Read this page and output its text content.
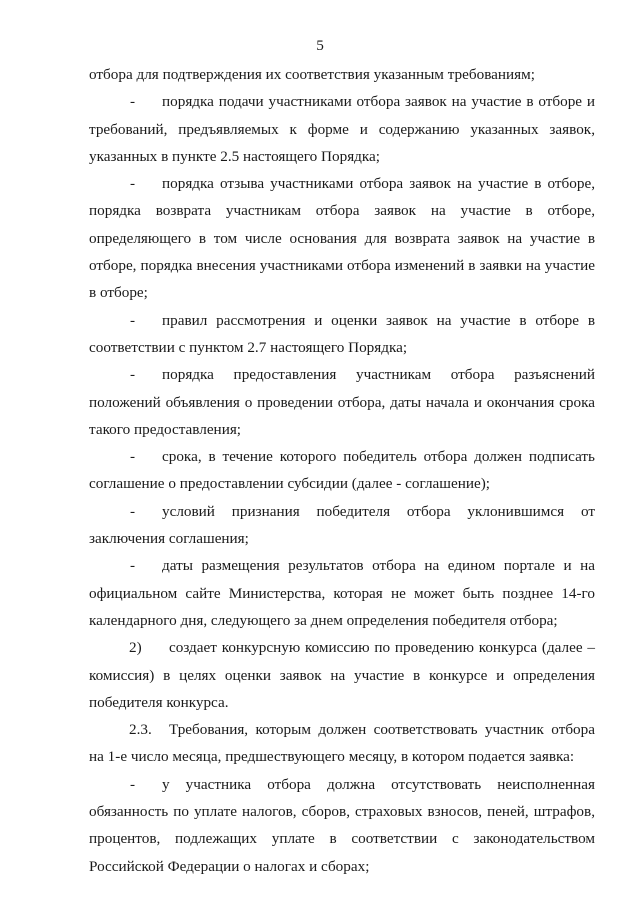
5

отбора для подтверждения их соответствия указанным требованиям;

- порядка подачи участниками отбора заявок на участие в отборе и требований, предъявляемых к форме и содержанию указанных заявок, указанных в пункте 2.5 настоящего Порядка;

- порядка отзыва участниками отбора заявок на участие в отборе, порядка возврата участникам отбора заявок на участие в отборе, определяющего в том числе основания для возврата заявок на участие в отборе, порядка внесения участниками отбора изменений в заявки на участие в отборе;

- правил рассмотрения и оценки заявок на участие в отборе в соответствии с пунктом 2.7 настоящего Порядка;

- порядка предоставления участникам отбора разъяснений положений объявления о проведении отбора, даты начала и окончания срока такого предоставления;

- срока, в течение которого победитель отбора должен подписать соглашение о предоставлении субсидии (далее - соглашение);

- условий признания победителя отбора уклонившимся от заключения соглашения;

- даты размещения результатов отбора на едином портале и на официальном сайте Министерства, которая не может быть позднее 14-го календарного дня, следующего за днем определения победителя отбора;

2) создает конкурсную комиссию по проведению конкурса (далее – комиссия) в целях оценки заявок на участие в конкурсе и определения победителя конкурса.

2.3. Требования, которым должен соответствовать участник отбора на 1-е число месяца, предшествующего месяцу, в котором подается заявка:

- у участника отбора должна отсутствовать неисполненная обязанность по уплате налогов, сборов, страховых взносов, пеней, штрафов, процентов, подлежащих уплате в соответствии с законодательством Российской Федерации о налогах и сборах;
